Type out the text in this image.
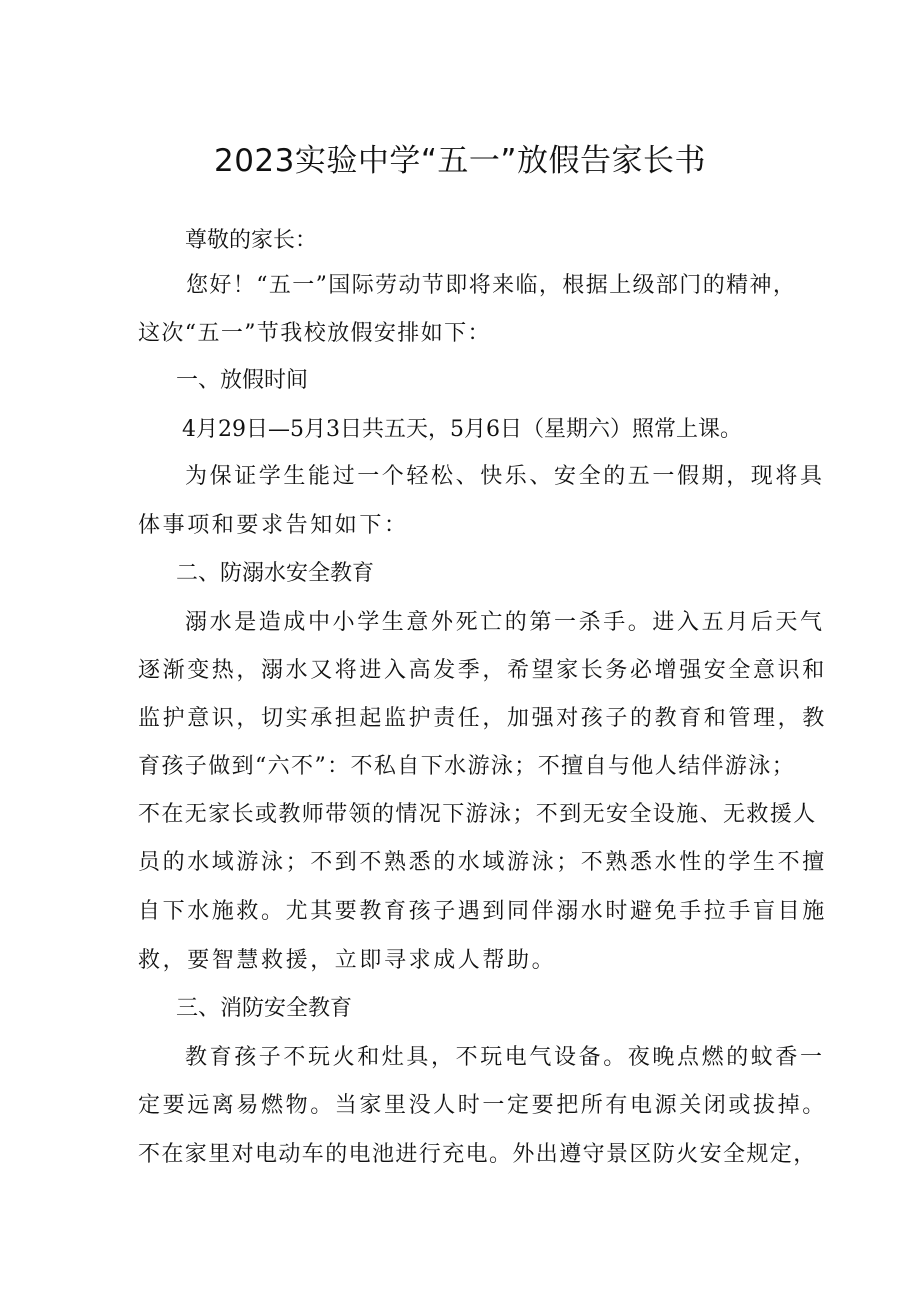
2023实验中学“五一”放假告家长书

尊敬的家长：

您好！“五一”国际劳动节即将来临，根据上级部门的精神，

这次“五一”节我校放假安排如下：

一、放假时间

4月29日—5月3日共五天，5月6日（星期六）照常上课。

为保证学生能过一个轻松、快乐、安全的五一假期，现将具

体事项和要求告知如下：

二、防溺水安全教育

溺水是造成中小学生意外死亡的第一杀手。进入五月后天气

逐渐变热，溺水又将进入高发季，希望家长务必增强安全意识和

监护意识，切实承担起监护责任，加强对孩子的教育和管理，教

育孩子做到“六不”：不私自下水游泳；不擅自与他人结伴游泳；

不在无家长或教师带领的情况下游泳；不到无安全设施、无救援人

员的水域游泳；不到不熟悉的水域游泳；不熟悉水性的学生不擅

自下水施救。尤其要教育孩子遇到同伴溺水时避免手拉手盲目施

救，要智慧救援，立即寻求成人帮助。

三、消防安全教育

教育孩子不玩火和灶具，不玩电气设备。夜晚点燃的蚊香一

定要远离易燃物。当家里没人时一定要把所有电源关闭或拔掉。

不在家里对电动车的电池进行充电。外出遵守景区防火安全规定，
